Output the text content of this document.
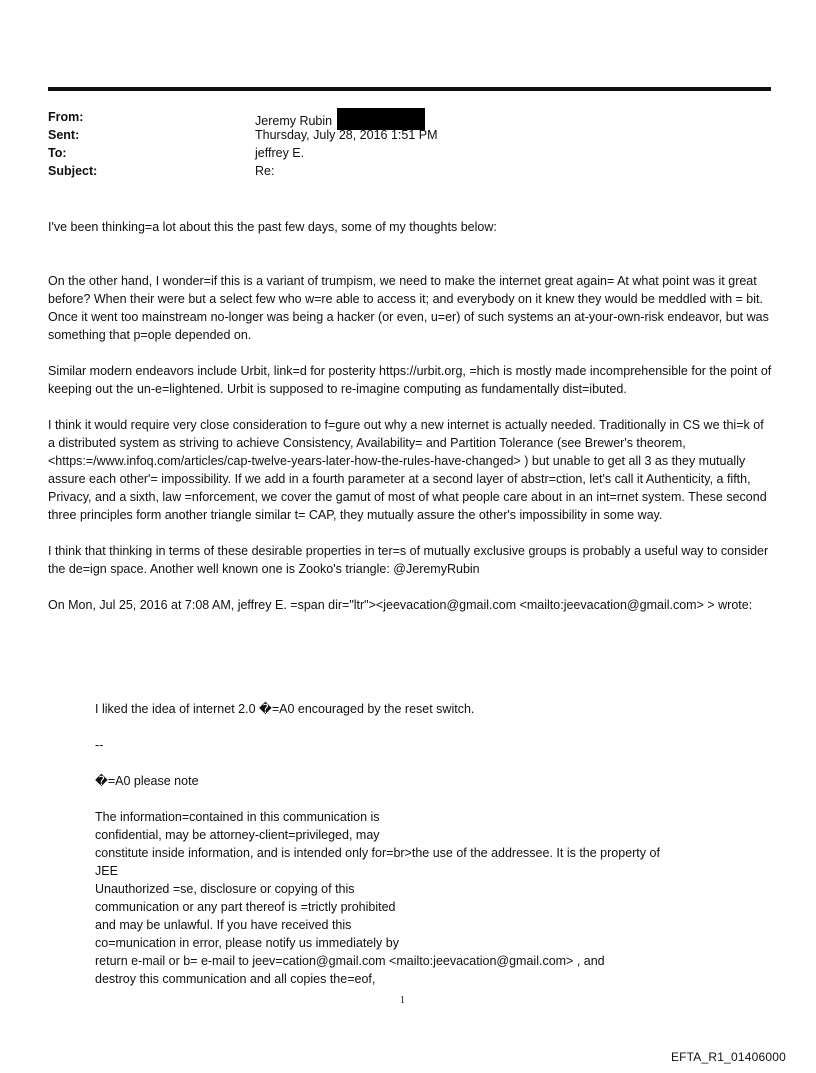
From:	Jeremy Rubin
Sent:	Thursday, July 28, 2016 1:51 PM
To:	jeffrey E.
Subject:	Re:

I've been thinking=a lot about this the past few days, some of my thoughts below:

On the other hand, I wonder=if this is a variant of trumpism, we need to make the internet great again= At what point was it great before? When their were but a select few who w=re able to access it; and everybody on it knew they would be meddled with = bit. Once it went too mainstream no-longer was being a hacker (or even, u=er) of such systems an at-your-own-risk endeavor, but was something that p=ople depended on.

Similar modern endeavors include Urbit, link=d for posterity https://urbit.org, =hich is mostly made incomprehensible for the point of keeping out the un-e=lightened. Urbit is supposed to re-imagine computing as fundamentally dist=ibuted.

I think it would require very close consideration to f=gure out why a new internet is actually needed. Traditionally in CS we thi=k of a distributed system as striving to achieve Consistency, Availability= and Partition Tolerance (see Brewer's theorem, <https:=/www.infoq.com/articles/cap-twelve-years-later-how-the-rules-have-changed> ) but unable to get all 3 as they mutually assure each other'= impossibility. If we add in a fourth parameter at a second layer of abstr=ction, let's call it Authenticity, a fifth, Privacy, and a sixth, law =nforcement, we cover the gamut of most of what people care about in an int=rnet system. These second three principles form another triangle similar t= CAP, they mutually assure the other's impossibility in some way.

I think that thinking in terms of these desirable properties in ter=s of mutually exclusive groups is probably a useful way to consider the de=ign space. Another well known one is Zooko's triangle: @JeremyRubin

On Mon, Jul 25, 2016 at 7:08 AM, jeffrey E. =span dir="ltr"><jeevacation@gmail.com <mailto:jeevacation@gmail.com> > wrote:

I liked the idea of internet 2.0 �=A0 encouraged by the reset switch.

--

�=A0 please note

The information=contained in this communication is

confidential, may be attorney-client=privileged, may

constitute inside information, and is intended only for=br>the use of the addressee. It is the property of

JEE

Unauthorized =se, disclosure or copying of this

communication or any part thereof is =trictly prohibited

and may be unlawful. If you have received this

co=munication in error, please notify us immediately by

return e-mail or b= e-mail to jeev=cation@gmail.com <mailto:jeevacation@gmail.com> , and

destroy this communication and all copies the=eof,

1
EFTA_R1_01406000
